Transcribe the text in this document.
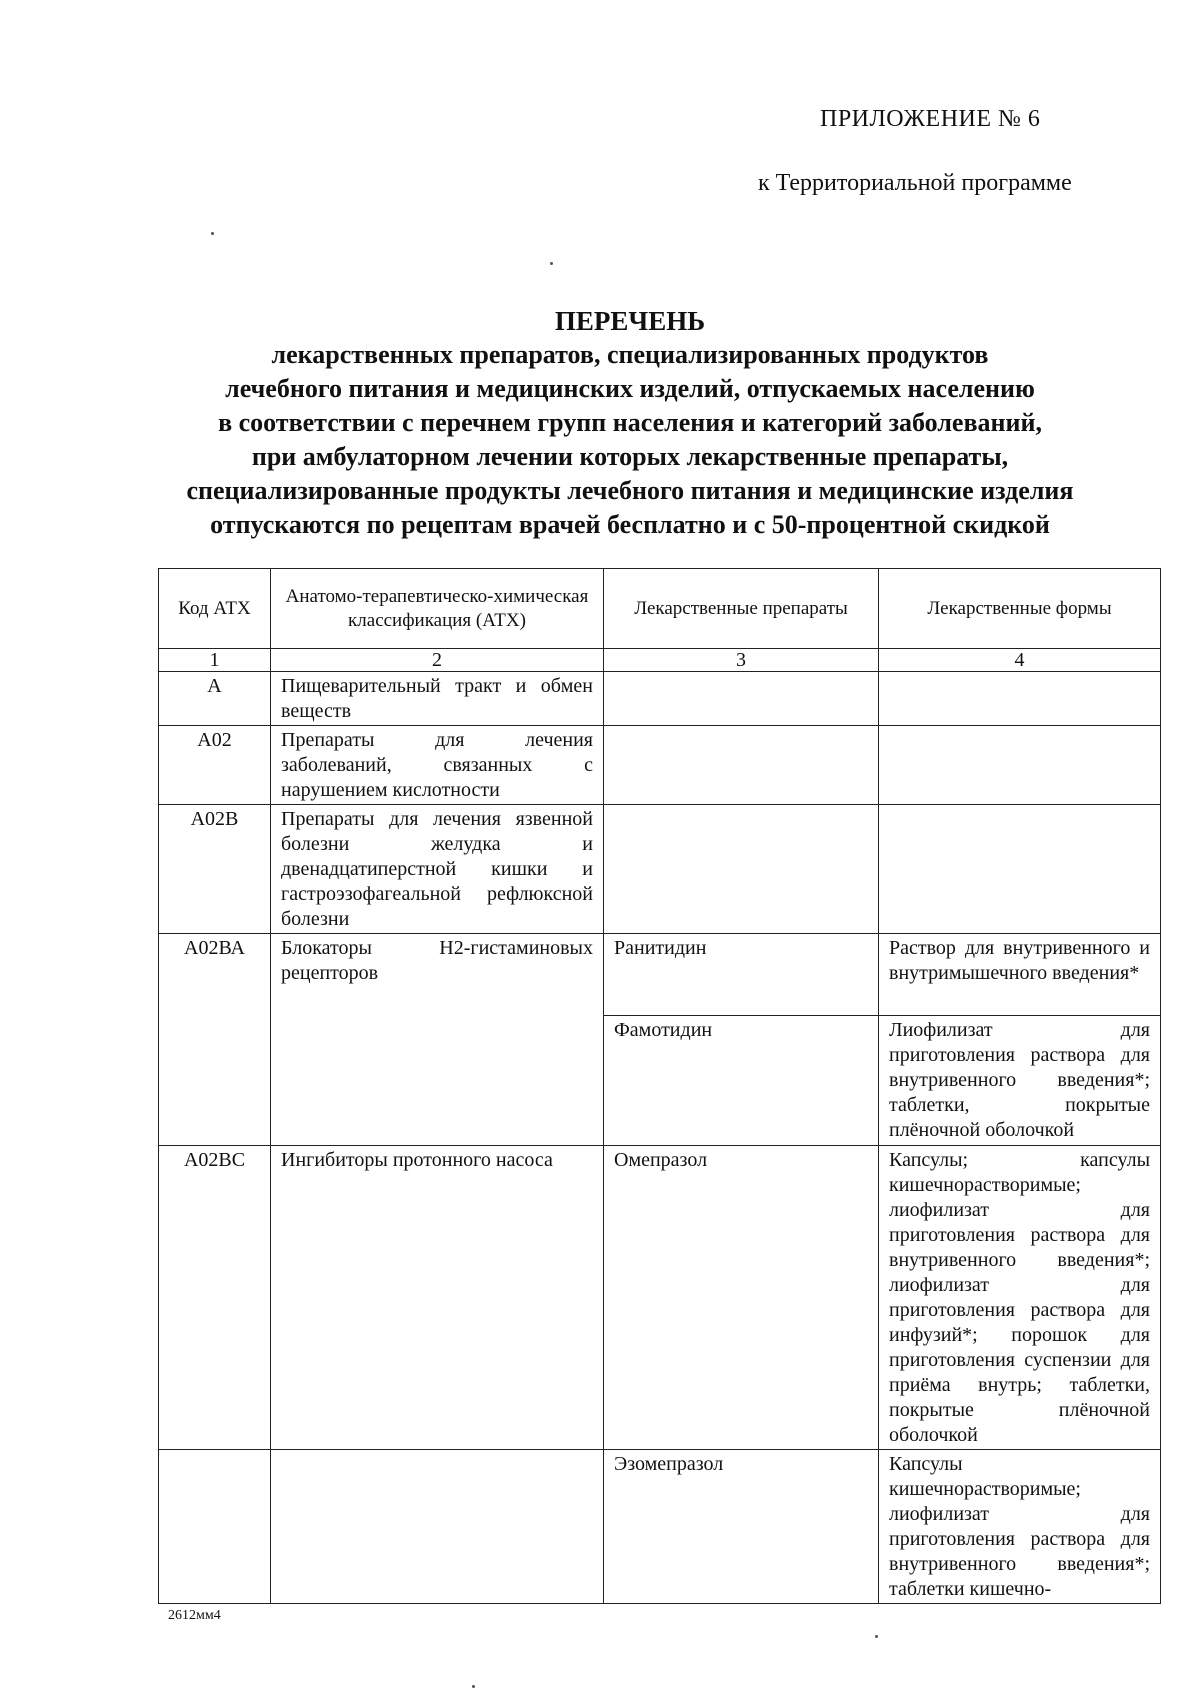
ПРИЛОЖЕНИЕ № 6
к Территориальной программе
ПЕРЕЧЕНЬ
лекарственных препаратов, специализированных продуктов
лечебного питания и медицинских изделий, отпускаемых населению
в соответствии с перечнем групп населения и категорий заболеваний,
при амбулаторном лечении которых лекарственные препараты,
специализированные продукты лечебного питания и медицинские изделия
отпускаются по рецептам врачей бесплатно и с 50-процентной скидкой
Код АТХ	Анатомо-терапевтическо-химическая классификация (АТХ)	Лекарственные препараты	Лекарственные формы
1	2	3	4
А	Пищеварительный тракт и обмен веществ		
А02	Препараты для лечения заболеваний, связанных с нарушением кислотности		
А02В	Препараты для лечения язвенной болезни желудка и двенадцатиперстной кишки и гастроэзофагеальной рефлюксной болезни		
А02ВА	Блокаторы Н2-гистаминовых рецепторов	Ранитидин	Раствор для внутривенного и внутримышечного введения*
		Фамотидин	Лиофилизат для приготовления раствора для внутривенного введения*; таблетки, покрытые плёночной оболочкой
А02ВС	Ингибиторы протонного насоса	Омепразол	Капсулы; капсулы кишечнорастворимые; лиофилизат для приготовления раствора для внутривенного введения*; лиофилизат для приготовления раствора для инфузий*; порошок для приготовления суспензии для приёма внутрь; таблетки, покрытые плёночной оболочкой
		Эзомепразол	Капсулы кишечнорастворимые; лиофилизат для приготовления раствора для внутривенного введения*; таблетки кишечно-
2612мм4
